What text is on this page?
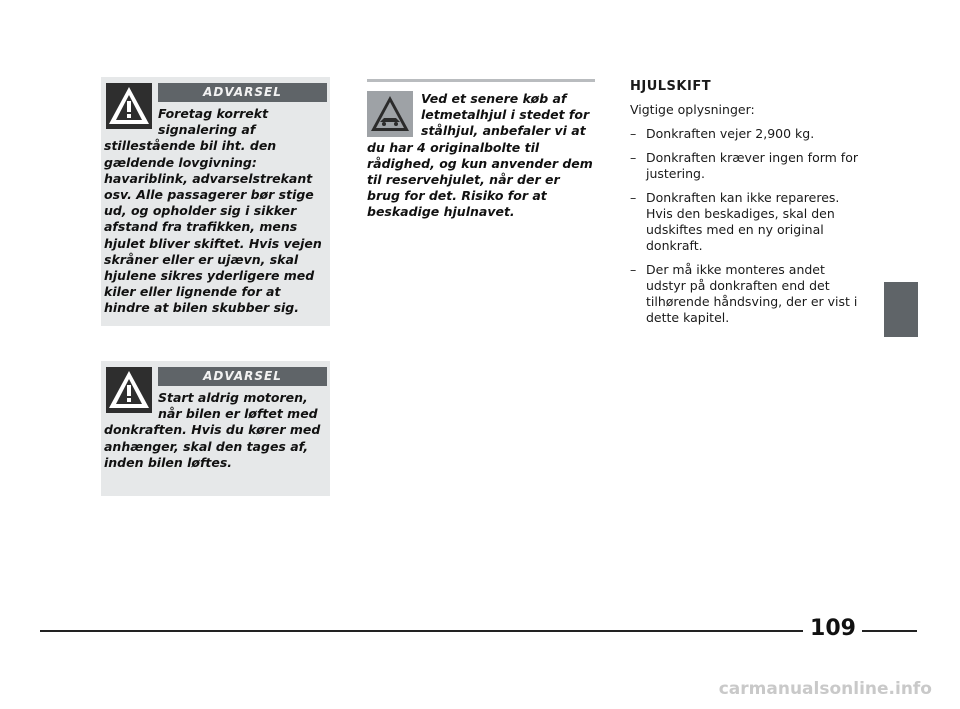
ADVARSEL

Foretag korrekt signalering af stillestående bil iht. den gældende lovgivning: havariblink, advarselstrekant osv. Alle passagerer bør stige ud, og opholder sig i sikker afstand fra trafikken, mens hjulet bliver skiftet. Hvis vejen skråner eller er ujævn, skal hjulene sikres yderligere med kiler eller lignende for at hindre at bilen skubber sig.

ADVARSEL

Start aldrig motoren, når bilen er løftet med donkraften. Hvis du kører med anhænger, skal den tages af, inden bilen løftes.

Ved et senere køb af letmetalhjul i stedet for stålhjul, anbefaler vi at du har 4 originalbolte til rådighed, og kun anvender dem til reservehjulet, når der er brug for det. Risiko for at beskadige hjulnavet.

HJULSKIFT

Vigtige oplysninger:

– Donkraften vejer 2,900 kg.
– Donkraften kræver ingen form for justering.
– Donkraften kan ikke repareres. Hvis den beskadiges, skal den udskiftes med en ny original donkraft.
– Der må ikke monteres andet udstyr på donkraften end det tilhørende håndsving, der er vist i dette kapitel.
109
carmanualsonline.info
